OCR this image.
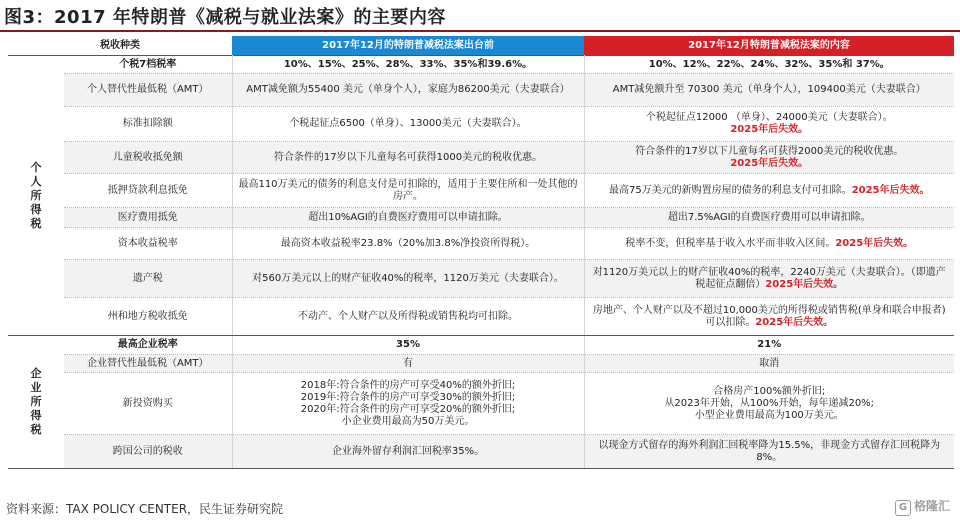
图3：2017 年特朗普《减税与就业法案》的主要内容
税收种类		2017年12月的特朗普减税法案出台前	2017年12月特朗普减税法案的内容

个人所得税	个税7档税率	10%、15%、25%、28%、33%、35%和39.6%。	10%、12%、22%、24%、32%、35%和 37%。
	个人替代性最低税（AMT）	AMT减免额为55400 美元（单身个人），家庭为86200美元（夫妻联合）	AMT减免额升至 70300 美元（单身个人），109400美元（夫妻联合）
	标准扣除额	个税起征点6500（单身）、13000美元（夫妻联合）。	个税起征点12000 （单身）、24000美元（夫妻联合）。
2025年后失效。

	儿童税收抵免额	符合条件的17岁以下儿童每名可获得1000美元的税收优惠。	符合条件的17岁以下儿童每名可获得2000美元的税收优惠。
2025年后失效。

	抵押贷款利息抵免	最高110万美元的债务的利息支付是可扣除的，适用于主要住所和一处其他的房产。	最高75万美元的新购置房屋的债务的利息支付可扣除。2025年后失效。
	医疗费用抵免	超出10%AGI的自费医疗费用可以申请扣除。	超出7.5%AGI的自费医疗费用可以申请扣除。
	资本收益税率	最高资本收益税率23.8%（20%加3.8%净投资所得税）。	税率不变，但税率基于收入水平而非收入区间。2025年后失效。
	遗产税	对560万美元以上的财产征收40%的税率，1120万美元（夫妻联合）。	对1120万美元以上的财产征收40%的税率，2240万美元（夫妻联合）。（即遗产税起征点翻倍）2025年后失效。
	州和地方税收抵免	不动产、个人财产以及所得税或销售税均可扣除。	房地产、个人财产以及不超过10,000美元的所得税或销售税(单身和联合申报者)可以扣除。2025年后失效。

企业所得税	最高企业税率	35%	21%
	企业替代性最低税（AMT）	有	取消
	新投资购买	2018年:符合条件的房产可享受40%的额外折旧;
2019年:符合条件的房产可享受30%的额外折旧;
2020年:符合条件的房产可享受20%的额外折旧;
小企业费用最高为50万美元。	合格房产100%额外折旧;
从2023年开始，从100%开始，每年递减20%;
小型企业费用最高为100万美元。

	跨国公司的税收	企业海外留存利润汇回税率35%。	以现金方式留存的海外利润汇回税率降为15.5%，非现金方式留存汇回税降为8%。
资料来源：TAX POLICY CENTER，民生证券研究院	G 格隆汇
